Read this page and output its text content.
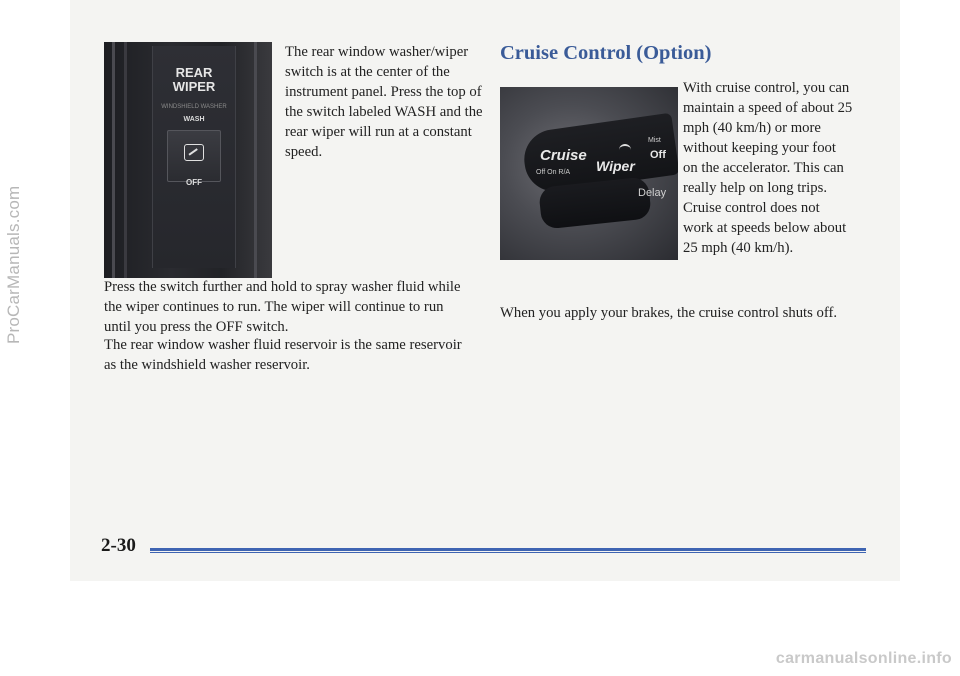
ProCarManuals.com
REAR
WIPER
WINDSHIELD WASHER
WASH
OFF

The rear window washer/wiper switch is at the center of the instrument panel. Press the top of the switch labeled WASH and the rear wiper will run at a constant speed.

Press the switch further and hold to spray washer fluid while the wiper continues to run. The wiper will continue to run until you press the OFF switch.

The rear window washer fluid reservoir is the same reservoir as the windshield washer reservoir.

Cruise Control (Option)
Cruise
Mist
Off
Off On R/A Wiper
Delay

With cruise control, you can maintain a speed of about 25 mph (40 km/h) or more without keeping your foot on the accelerator. This can really help on long trips. Cruise control does not work at speeds below about 25 mph (40 km/h).

When you apply your brakes, the cruise control shuts off.

2-30

carmanualsonline.info
